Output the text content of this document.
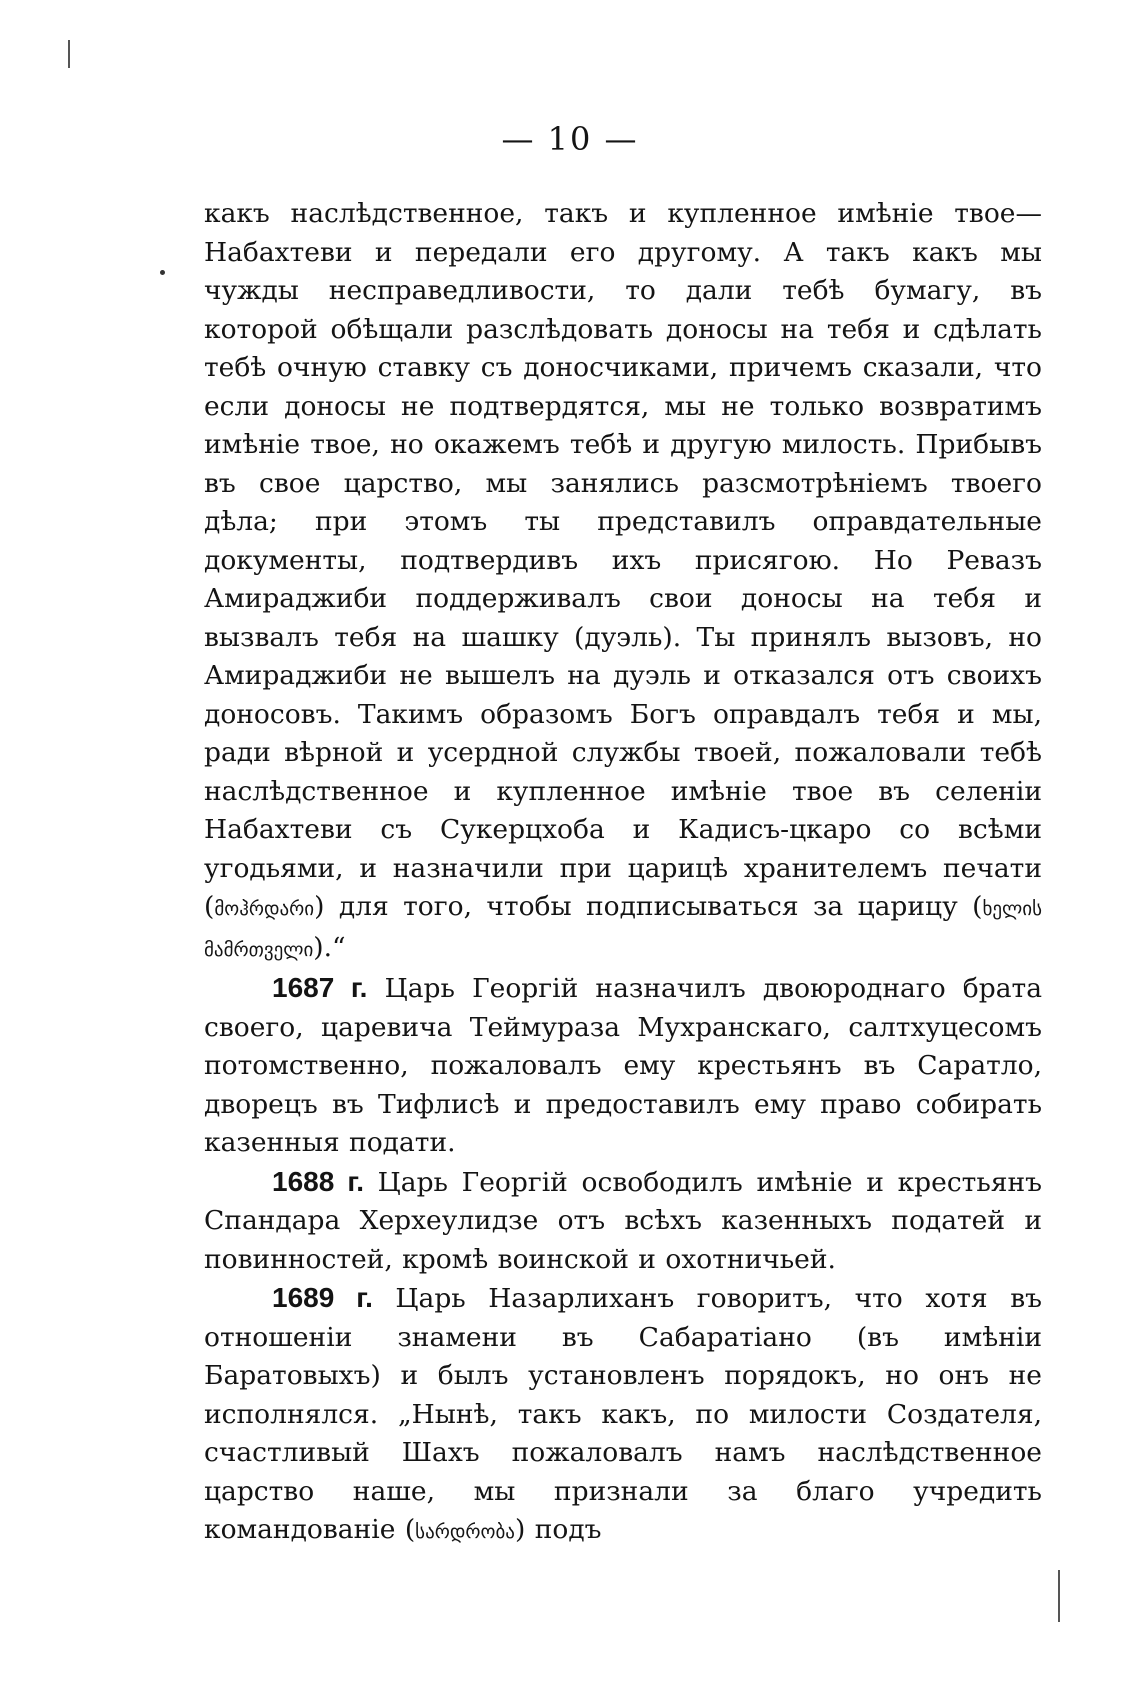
— 10 —

какъ наслѣдственное, такъ и купленное имѣніе твое—Набахтеви и передали его другому. А такъ какъ мы чужды несправедливости, то дали тебѣ бумагу, въ которой обѣщали разслѣдовать доносы на тебя и сдѣлать тебѣ очную ставку съ доносчиками, причемъ сказали, что если доносы не подтвердятся, мы не только возвратимъ имѣніе твое, но окажемъ тебѣ и другую милость. Прибывъ въ свое царство, мы занялись разсмотрѣніемъ твоего дѣла; при этомъ ты представилъ оправдательные документы, подтвердивъ ихъ присягою. Но Ревазъ Амираджиби поддерживалъ свои доносы на тебя и вызвалъ тебя на шашку (дуэль). Ты принялъ вызовъ, но Амираджиби не вышелъ на дуэль и отказался отъ своихъ доносовъ. Такимъ образомъ Богъ оправдалъ тебя и мы, ради вѣрной и усердной службы твоей, пожаловали тебѣ наслѣдственное и купленное имѣніе твое въ селеніи Набахтеви съ Сукерцхоба и Кадисъ-цкаро со всѣми угодьями, и назначили при царицѣ хранителемъ печати (მოჰრდარი) для того, чтобы подписываться за царицу (ხელის მამრთველი).“

1687 г. Царь Георгій назначилъ двоюроднаго брата своего, царевича Теймураза Мухранскаго, салтхуцесомъ потомственно, пожаловалъ ему крестьянъ въ Саратло, дворецъ въ Тифлисѣ и предоставилъ ему право собирать казенныя подати.

1688 г. Царь Георгій освободилъ имѣніе и крестьянъ Спандара Херхеулидзе отъ всѣхъ казенныхъ податей и повинностей, кромѣ воинской и охотничьей.

1689 г. Царь Назарлиханъ говоритъ, что хотя въ отношеніи знамени въ Сабаратіано (въ имѣніи Баратовыхъ) и былъ установленъ порядокъ, но онъ не исполнялся. „Нынѣ, такъ какъ, по милости Создателя, счастливый Шахъ пожаловалъ намъ наслѣдственное царство наше, мы признали за благо учредить командованіе (სარდრობა) подъ
